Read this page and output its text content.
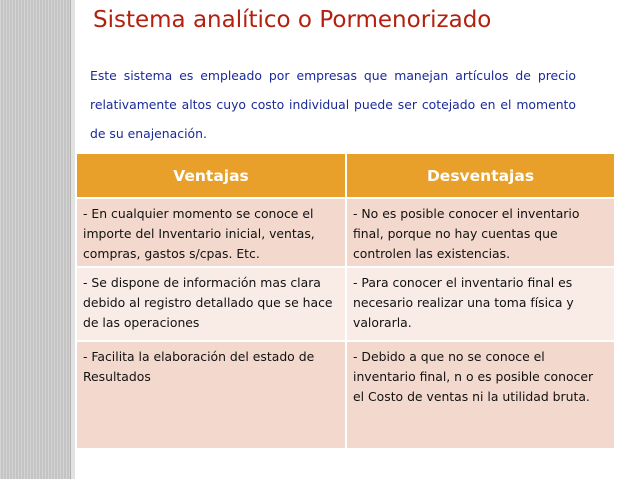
Sistema analítico o Pormenorizado
Este sistema es empleado por empresas que manejan artículos de precio relativamente altos cuyo costo individual puede ser cotejado en el momento de su enajenación.
Ventajas	Desventajas
- En cualquier momento se conoce el importe del Inventario inicial, ventas, compras, gastos s/cpas. Etc.	- No es posible conocer el inventario final, porque no hay cuentas que controlen las existencias.
- Se dispone de información mas clara debido al registro detallado que se hace de las operaciones	- Para conocer el inventario final es necesario realizar una toma física y valorarla.
- Facilita la elaboración del estado de Resultados	- Debido a que no se conoce el inventario final, n o es posible conocer el Costo de ventas ni la utilidad bruta.
